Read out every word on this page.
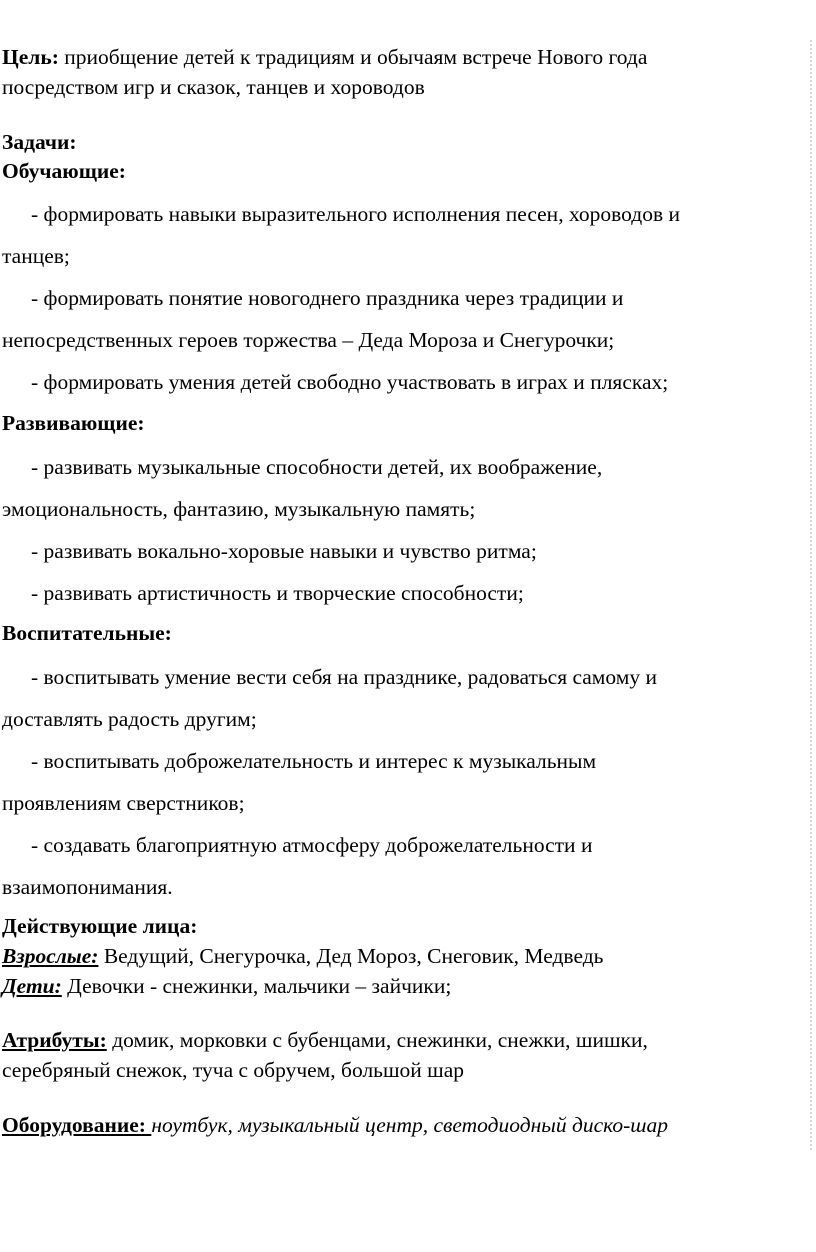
Цель: приобщение детей к традициям и обычаям встрече Нового года
посредством игр и сказок, танцев и хороводов
Задачи:
Обучающие:
- формировать навыки выразительного исполнения песен, хороводов и
танцев;
- формировать понятие новогоднего праздника через традиции и
непосредственных героев торжества – Деда Мороза и Снегурочки;
- формировать умения детей свободно участвовать в играх и плясках;
Развивающие:
- развивать музыкальные способности детей, их воображение,
эмоциональность, фантазию, музыкальную память;
- развивать вокально-хоровые навыки и чувство ритма;
- развивать артистичность и творческие способности;
Воспитательные:
- воспитывать умение вести себя на празднике, радоваться самому и
доставлять радость другим;
- воспитывать доброжелательность и интерес к музыкальным
проявлениям сверстников;
- создавать благоприятную атмосферу доброжелательности и
взаимопонимания.
Действующие лица:
Взрослые: Ведущий, Снегурочка, Дед Мороз, Снеговик, Медведь
Дети: Девочки - снежинки, мальчики – зайчики;
Атрибуты: домик, морковки с бубенцами, снежинки, снежки, шишки,
серебряный снежок, туча с обручем, большой шар
Оборудование: ноутбук, музыкальный центр, светодиодный диско-шар
